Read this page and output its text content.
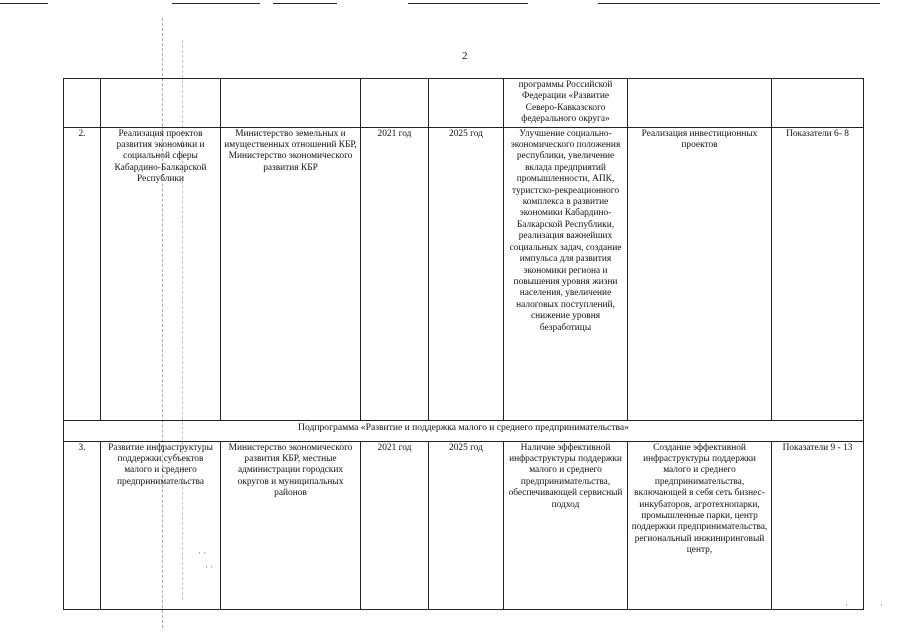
2
· ·
· ·
·	·
					программы Российской Федерации «Развитие Северо-Кавказского федерального округа»		
2.	Реализация проектов развития экономики и социальной сферы Кабардино-Балкарской Республики	Министерство земельных и имущественных отношений КБР, Министерство экономического развития КБР	2021 год	2025 год	Улучшение социально-экономического положения республики, увеличение вклада предприятий промышленности, АПК, туристско-рекреационного комплекса в развитие экономики Кабардино-Балкарской Республики, реализация важнейших социальных задач, создание импульса для развития экономики региона и повышения уровня жизни населения, увеличение налоговых поступлений, снижение уровня безработицы	Реализация инвестиционных проектов	Показатели 6- 8
Подпрограмма «Развитие и поддержка малого и среднего предпринимательства»							
3.	Развитие инфраструктуры поддержки субъектов малого и среднего предпринимательства	Министерство экономического развития КБР, местные администрации городских округов и муниципальных районов	2021 год	2025 год	Наличие эффективной инфраструктуры поддержки малого и среднего предпринимательства, обеспечивающей сервисный подход	Создание эффективной инфраструктуры поддержки малого и среднего предпринимательства, включающей в себя сеть бизнес-инкубаторов, агротехнопарки, промышленные парки, центр поддержки предпринимательства, региональный инжиниринговый центр,	Показатели 9 - 13
